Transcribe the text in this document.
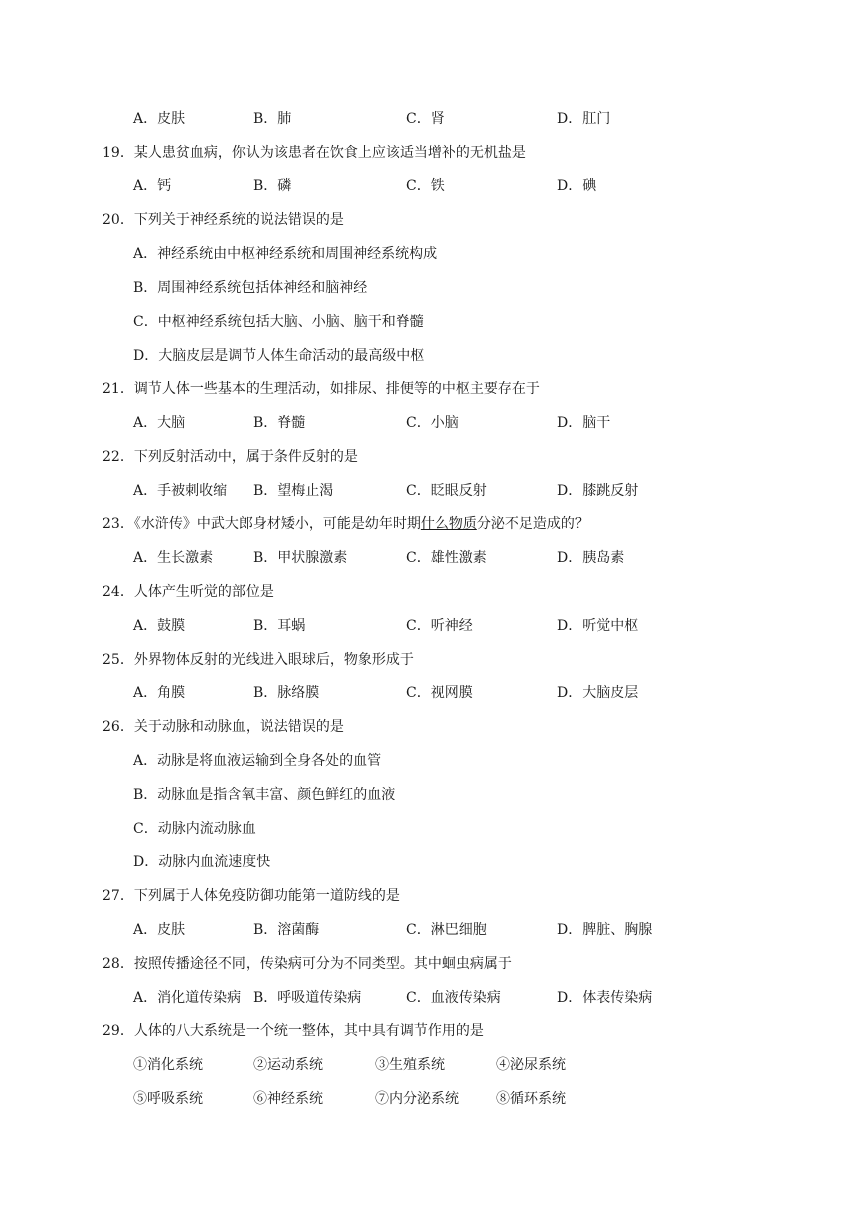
A．皮肤	B．肺	C．肾	D．肛门
19．某人患贫血病，你认为该患者在饮食上应该适当增补的无机盐是
A．钙	B．磷	C．铁	D．碘
20．下列关于神经系统的说法错误的是
A．神经系统由中枢神经系统和周围神经系统构成
B．周围神经系统包括体神经和脑神经
C．中枢神经系统包括大脑、小脑、脑干和脊髓
D．大脑皮层是调节人体生命活动的最高级中枢
21．调节人体一些基本的生理活动，如排尿、排便等的中枢主要存在于
A．大脑	B．脊髓	C．小脑	D．脑干
22．下列反射活动中，属于条件反射的是
A．手被刺收缩 B．望梅止渴	C．眨眼反射	D．膝跳反射
23．《水浒传》中武大郎身材矮小，可能是幼年时期什么物质分泌不足造成的？
A．生长激素	B．甲状腺激素	C．雄性激素	D．胰岛素
24．人体产生听觉的部位是
A．鼓膜	B．耳蜗	C．听神经	D．听觉中枢
25．外界物体反射的光线进入眼球后，物象形成于
A．角膜	B．脉络膜	C．视网膜	D．大脑皮层
26．关于动脉和动脉血，说法错误的是
A．动脉是将血液运输到全身各处的血管
B．动脉血是指含氧丰富、颜色鲜红的血液
C．动脉内流动脉血
D．动脉内血流速度快
27．下列属于人体免疫防御功能第一道防线的是
A．皮肤	B．溶菌酶	C．淋巴细胞	D．脾脏、胸腺
28．按照传播途径不同，传染病可分为不同类型。其中蛔虫病属于
A．消化道传染病 B．呼吸道传染病	C．血液传染病	D．体表传染病
29．人体的八大系统是一个统一整体，其中具有调节作用的是
①消化系统	②运动系统	③生殖系统	④泌尿系统
⑤呼吸系统	⑥神经系统	⑦内分泌系统	⑧循环系统
